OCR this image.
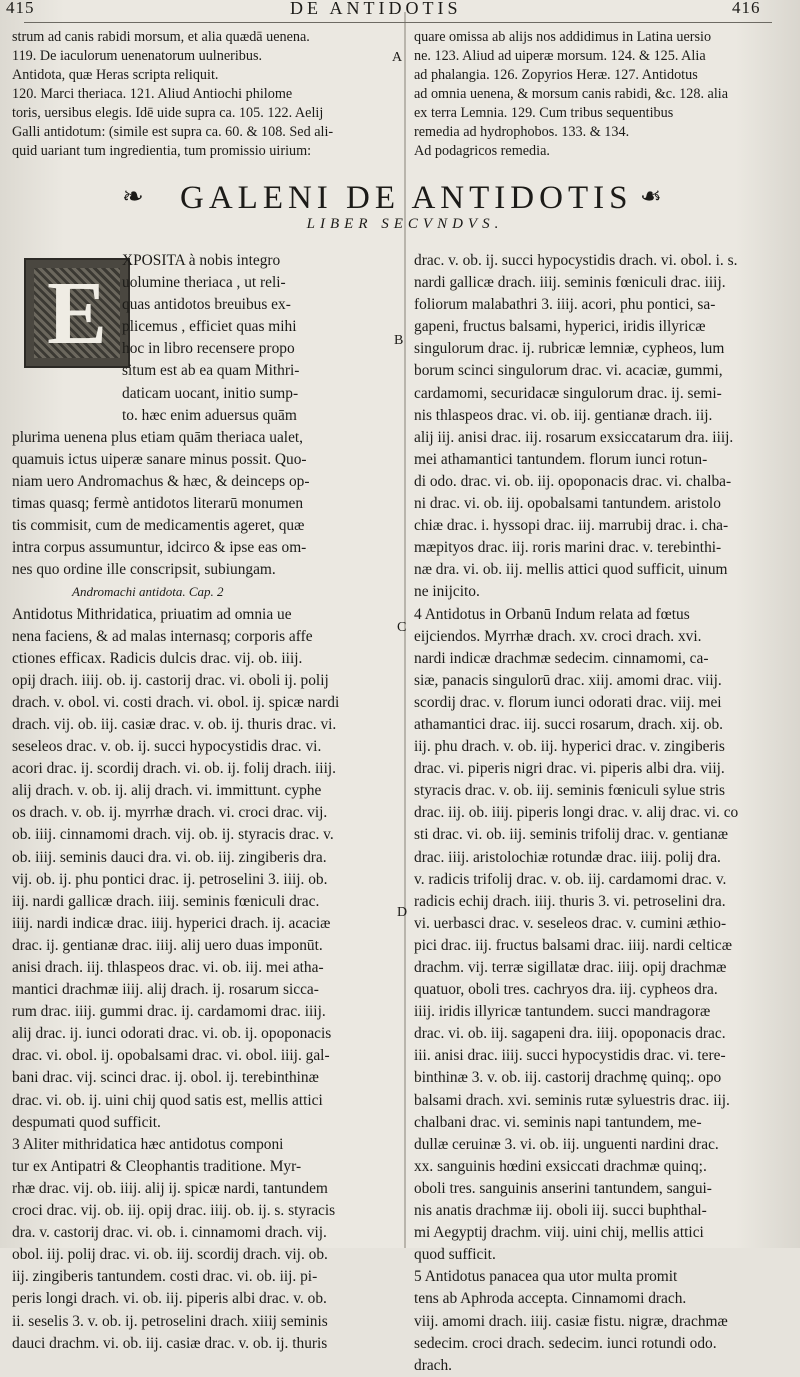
415	DE ANTIDOTIS	416
strum ad canis rabidi morsum, et alia quædā uenena.
119. De iaculorum uenenatorum uulneribus.
Antidota, quæ Heras scripta reliquit.
120. Marci theriaca. 121. Aliud Antiochi philome
toris, uersibus elegis. Idē uide supra ca. 105. 122. Aelij
Galli antidotum: (simile est supra ca. 60. & 108. Sed ali-
quid uariant tum ingredientia, tum promissio uirium:
quare omissa ab alijs nos addidimus in Latina uersio
ne. 123. Aliud ad uiperæ morsum. 124. & 125. Alia
ad phalangia. 126. Zopyrios Heræ. 127. Antidotus
ad omnia uenena, & morsum canis rabidi, &c. 128. alia
ex terra Lemnia. 129. Cum tribus sequentibus
remedia ad hydrophobos. 133. & 134.
Ad podagricos remedia.
A
B
C
D
❧	❧
GALENI DE ANTIDOTIS
LIBER SECVNDVS.
E
XPOSITA à nobis integro
uolumine theriaca , ut reli-
quas antidotos breuibus ex-
plicemus , efficiet quas mihi
hoc in libro recensere propo
situm est ab ea quam Mithri-
daticam uocant, initio sump-
to. hæc enim aduersus quām
plurima uenena plus etiam quām theriaca ualet,
quamuis ictus uiperæ sanare minus possit. Quo-
niam uero Andromachus & hæc, & deinceps op-
timas quasq; fermè antidotos literarū monumen
tis commisit, cum de medicamentis ageret, quæ
intra corpus assumuntur, idcirco & ipse eas om-
nes quo ordine ille conscripsit, subiungam.
Andromachi antidota. Cap. 2
Antidotus Mithridatica, priuatim ad omnia ue
nena faciens, & ad malas internasq; corporis affe
ctiones efficax. Radicis dulcis drac. vij. ob. iiij.
opij drach. iiij. ob. ij. castorij drac. vi. oboli ij. polij
drach. v. obol. vi. costi drach. vi. obol. ij. spicæ nardi
drach. vij. ob. iij. casiæ drac. v. ob. ij. thuris drac. vi.
seseleos drac. v. ob. ij. succi hypocystidis drac. vi.
acori drac. ij. scordij drach. vi. ob. ij. folij drach. iiij.
alij drach. v. ob. ij. alij drach. vi. immittunt. cyphe
os drach. v. ob. ij. myrrhæ drach. vi. croci drac. vij.
ob. iiij. cinnamomi drach. vij. ob. ij. styracis drac. v.
ob. iiij. seminis dauci dra. vi. ob. iij. zingiberis dra.
vij. ob. ij. phu pontici drac. ij. petroselini 3. iiij. ob.
iij. nardi gallicæ drach. iiij. seminis fœniculi drac.
iiij. nardi indicæ drac. iiij. hyperici drach. ij. acaciæ
drac. ij. gentianæ drac. iiij. alij uero duas imponūt.
anisi drach. iij. thlaspeos drac. vi. ob. iij. mei atha-
mantici drachmæ iiij. alij drach. ij. rosarum sicca-
rum drac. iiij. gummi drac. ij. cardamomi drac. iiij.
alij drac. ij. iunci odorati drac. vi. ob. ij. opoponacis
drac. vi. obol. ij. opobalsami drac. vi. obol. iiij. gal-
bani drac. vij. scinci drac. ij. obol. ij. terebinthinæ
drac. vi. ob. ij. uini chij quod satis est, mellis attici
despumati quod sufficit.
3 Aliter mithridatica hæc antidotus componi
tur ex Antipatri & Cleophantis traditione. Myr-
rhæ drac. vij. ob. iiij. alij ij. spicæ nardi, tantundem
croci drac. vij. ob. iij. opij drac. iiij. ob. ij. s. styracis
dra. v. castorij drac. vi. ob. i. cinnamomi drach. vij.
obol. iij. polij drac. vi. ob. iij. scordij drach. vij. ob.
iij. zingiberis tantundem. costi drac. vi. ob. iij. pi-
peris longi drach. vi. ob. iij. piperis albi drac. v. ob.
ii. seselis 3. v. ob. ij. petroselini drach. xiiij seminis
dauci drachm. vi. ob. iij. casiæ drac. v. ob. ij. thuris
drac. v. ob. ij. succi hypocystidis drach. vi. obol. i. s.
nardi gallicæ drach. iiij. seminis fœniculi drac. iiij.
foliorum malabathri 3. iiij. acori, phu pontici, sa-
gapeni, fructus balsami, hyperici, iridis illyricæ
singulorum drac. ij. rubricæ lemniæ, cypheos, lum
borum scinci singulorum drac. vi. acaciæ, gummi,
cardamomi, securidacæ singulorum drac. ij. semi-
nis thlaspeos drac. vi. ob. iij. gentianæ drach. iij.
alij iij. anisi drac. iij. rosarum exsiccatarum dra. iiij.
mei athamantici tantundem. florum iunci rotun-
di odo. drac. vi. ob. iij. opoponacis drac. vi. chalba-
ni drac. vi. ob. iij. opobalsami tantundem. aristolo
chiæ drac. i. hyssopi drac. iij. marrubij drac. i. cha-
mæpityos drac. iij. roris marini drac. v. terebinthi-
næ dra. vi. ob. iij. mellis attici quod sufficit, uinum
ne inijcito.
4 Antidotus in Orbanū Indum relata ad fœtus
eijciendos. Myrrhæ drach. xv. croci drach. xvi.
nardi indicæ drachmæ sedecim. cinnamomi, ca-
siæ, panacis singulorū drac. xiij. amomi drac. viij.
scordij drac. v. florum iunci odorati drac. viij. mei
athamantici drac. iij. succi rosarum, drach. xij. ob.
iij. phu drach. v. ob. iij. hyperici drac. v. zingiberis
drac. vi. piperis nigri drac. vi. piperis albi dra. viij.
styracis drac. v. ob. iij. seminis fœniculi sylue stris
drac. iij. ob. iiij. piperis longi drac. v. alij drac. vi. co
sti drac. vi. ob. iij. seminis trifolij drac. v. gentianæ
drac. iiij. aristolochiæ rotundæ drac. iiij. polij dra.
v. radicis trifolij drac. v. ob. iij. cardamomi drac. v.
radicis echij drach. iiij. thuris 3. vi. petroselini dra.
vi. uerbasci drac. v. seseleos drac. v. cumini æthio-
pici drac. iij. fructus balsami drac. iiij. nardi celticæ
drachm. vij. terræ sigillatæ drac. iiij. opij drachmæ
quatuor, oboli tres. cachryos dra. iij. cypheos dra.
iiij. iridis illyricæ tantundem. succi mandragoræ
drac. vi. ob. iij. sagapeni dra. iiij. opoponacis drac.
iii. anisi drac. iiij. succi hypocystidis drac. vi. tere-
binthinæ 3. v. ob. iij. castorij drachmę quinq;. opo
balsami drach. xvi. seminis rutæ syluestris drac. iij.
chalbani drac. vi. seminis napi tantundem, me-
dullæ ceruinæ 3. vi. ob. iij. unguenti nardini drac.
xx. sanguinis hœdini exsiccati drachmæ quinq;.
oboli tres. sanguinis anserini tantundem, sangui-
nis anatis drachmæ iij. oboli iij. succi buphthal-
mi Aegyptij drachm. viij. uini chij, mellis attici
quod sufficit.
5 Antidotus panacea qua utor multa promit
tens ab Aphroda accepta. Cinnamomi drach.
viij. amomi drach. iiij. casiæ fistu. nigræ, drachmæ
sedecim. croci drach. sedecim. iunci rotundi odo.
drach.
